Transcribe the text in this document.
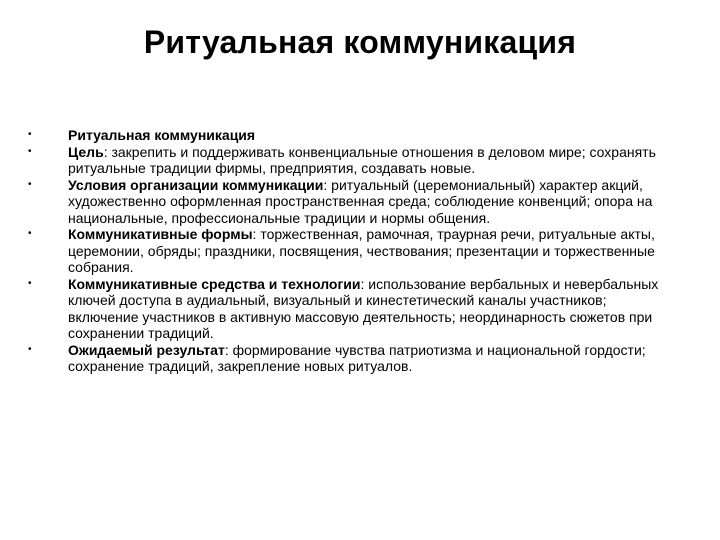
Ритуальная коммуникация
•	Ритуальная коммуникация
•	Цель: закрепить и поддерживать конвенциальные отношения в деловом мире; сохранять ритуальные традиции фирмы, предприятия, создавать новые.
•	Условия организации коммуникации: ритуальный (церемониальный) характер акций, художественно оформленная пространственная среда; соблюдение конвенций; опора на национальные, профессиональные традиции и нормы общения.
•	Коммуникативные формы: торжественная, рамочная, траурная речи, ритуальные акты, церемонии, обряды; праздники, посвящения, чествования; презентации и торжественные собрания.
•	Коммуникативные средства и технологии: использование вербальных и невербальных ключей доступа в аудиальный, визуальный и кинестетический каналы участников; включение участников в активную массовую деятельность; неординарность сюжетов при сохранении традиций.
•	Ожидаемый результат: формирование чувства патриотизма и национальной гордости; сохранение традиций, закрепление новых ритуалов.
